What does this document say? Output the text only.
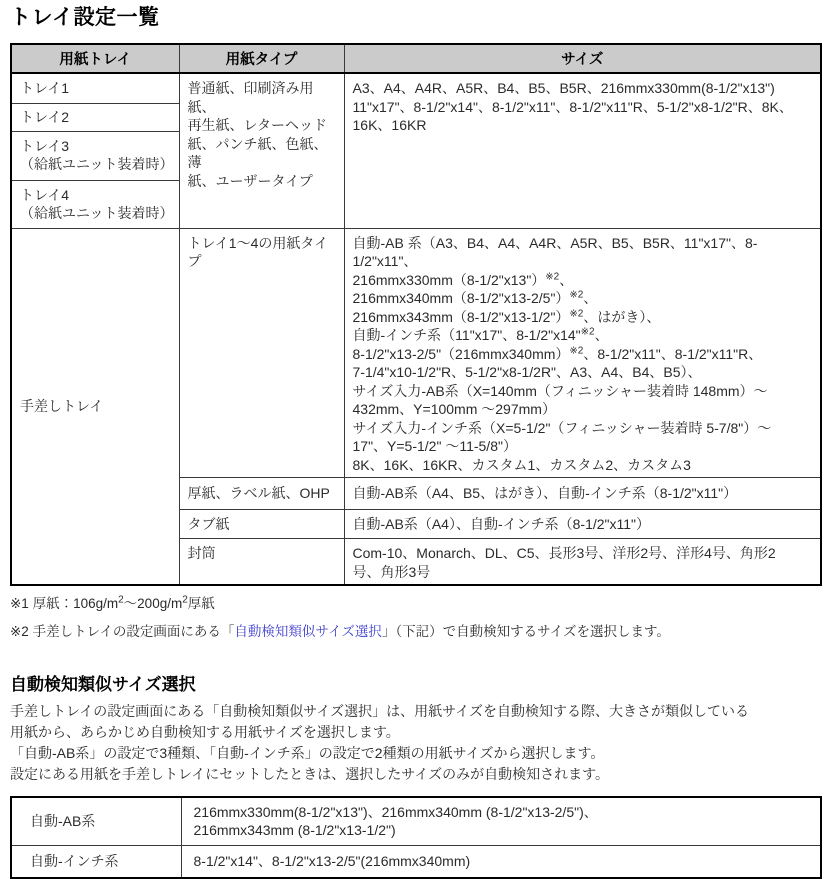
トレイ設定一覧
用紙トレイ	用紙タイプ	サイズ
トレイ1	普通紙、印刷済み用紙、
再生紙、レターヘッド
紙、パンチ紙、色紙、薄
紙、ユーザータイプ	A3、A4、A4R、A5R、B4、B5、B5R、216mmx330mm(8-1/2"x13")
11"x17"、8-1/2"x14"、8-1/2"x11"、8-1/2"x11"R、5-1/2"x8-1/2"R、8K、
16K、16KR
トレイ2		
トレイ3
（給紙ユニット装着時）		
トレイ4
（給紙ユニット装着時）		
手差しトレイ	トレイ1～4の用紙タイプ	自動-AB 系（A3、B4、A4、A4R、A5R、B5、B5R、11"x17"、8-1/2"x11"、
216mmx330mm（8-1/2"x13"）$^{※2}$、
216mmx340mm（8-1/2"x13-2/5"）$^{※2}$、
216mmx343mm（8-1/2"x13-1/2"）$^{※2}$、はがき）、
自動-インチ系（11"x17"、8-1/2"x14"$^{※2}$、
$8-1/2"x13-2/5"(216mmx340mm)^{※2}$、8-1/2"x11"、8-1/2"x11"R、
7-1/4"x10-1/2"R、5-1/2"x8-1/2R"、A3、A4、B4、B5）、
サイズ入力-AB系（X=140mm（フィニッシャー装着時 148mm）～
432mm、Y=100mm ～297mm）
サイズ入力-インチ系（X=5-1/2"（フィニッシャー装着時 5-7/8"）～
17"、Y=5-1/2" ～11-5/8"）
8K、16K、16KR、カスタム1、カスタム2、カスタム3
	厚紙、ラベル紙、OHP	自動-AB系（A4、B5、はがき）、自動-インチ系（8-1/2"x11"）
	タブ紙	自動-AB系（A4）、自動-インチ系（8-1/2"x11"）
	封筒	Com-10、Monarch、DL、C5、長形3号、洋形2号、洋形4号、角形2
号、角形3号

※1 厚紙：$106g/m^2\sim 200g/m^2$厚紙

※2 手差しトレイの設定画面にある「自動検知類似サイズ選択」（下記）で自動検知するサイズを選択します。

自動検知類似サイズ選択

手差しトレイの設定画面にある「自動検知類似サイズ選択」は、用紙サイズを自動検知する際、大きさが類似している
用紙から、あらかじめ自動検知する用紙サイズを選択します。
「自動-AB系」の設定で3種類、「自動-インチ系」の設定で2種類の用紙サイズから選択します。
設定にある用紙を手差しトレイにセットしたときは、選択したサイズのみが自動検知されます。

自動-AB系	216mmx330mm(8-1/2"x13")、216mmx340mm (8-1/2"x13-2/5")、
216mmx343mm (8-1/2"x13-1/2")
自動-インチ系	8-1/2"x14"、8-1/2"x13-2/5"(216mmx340mm)
